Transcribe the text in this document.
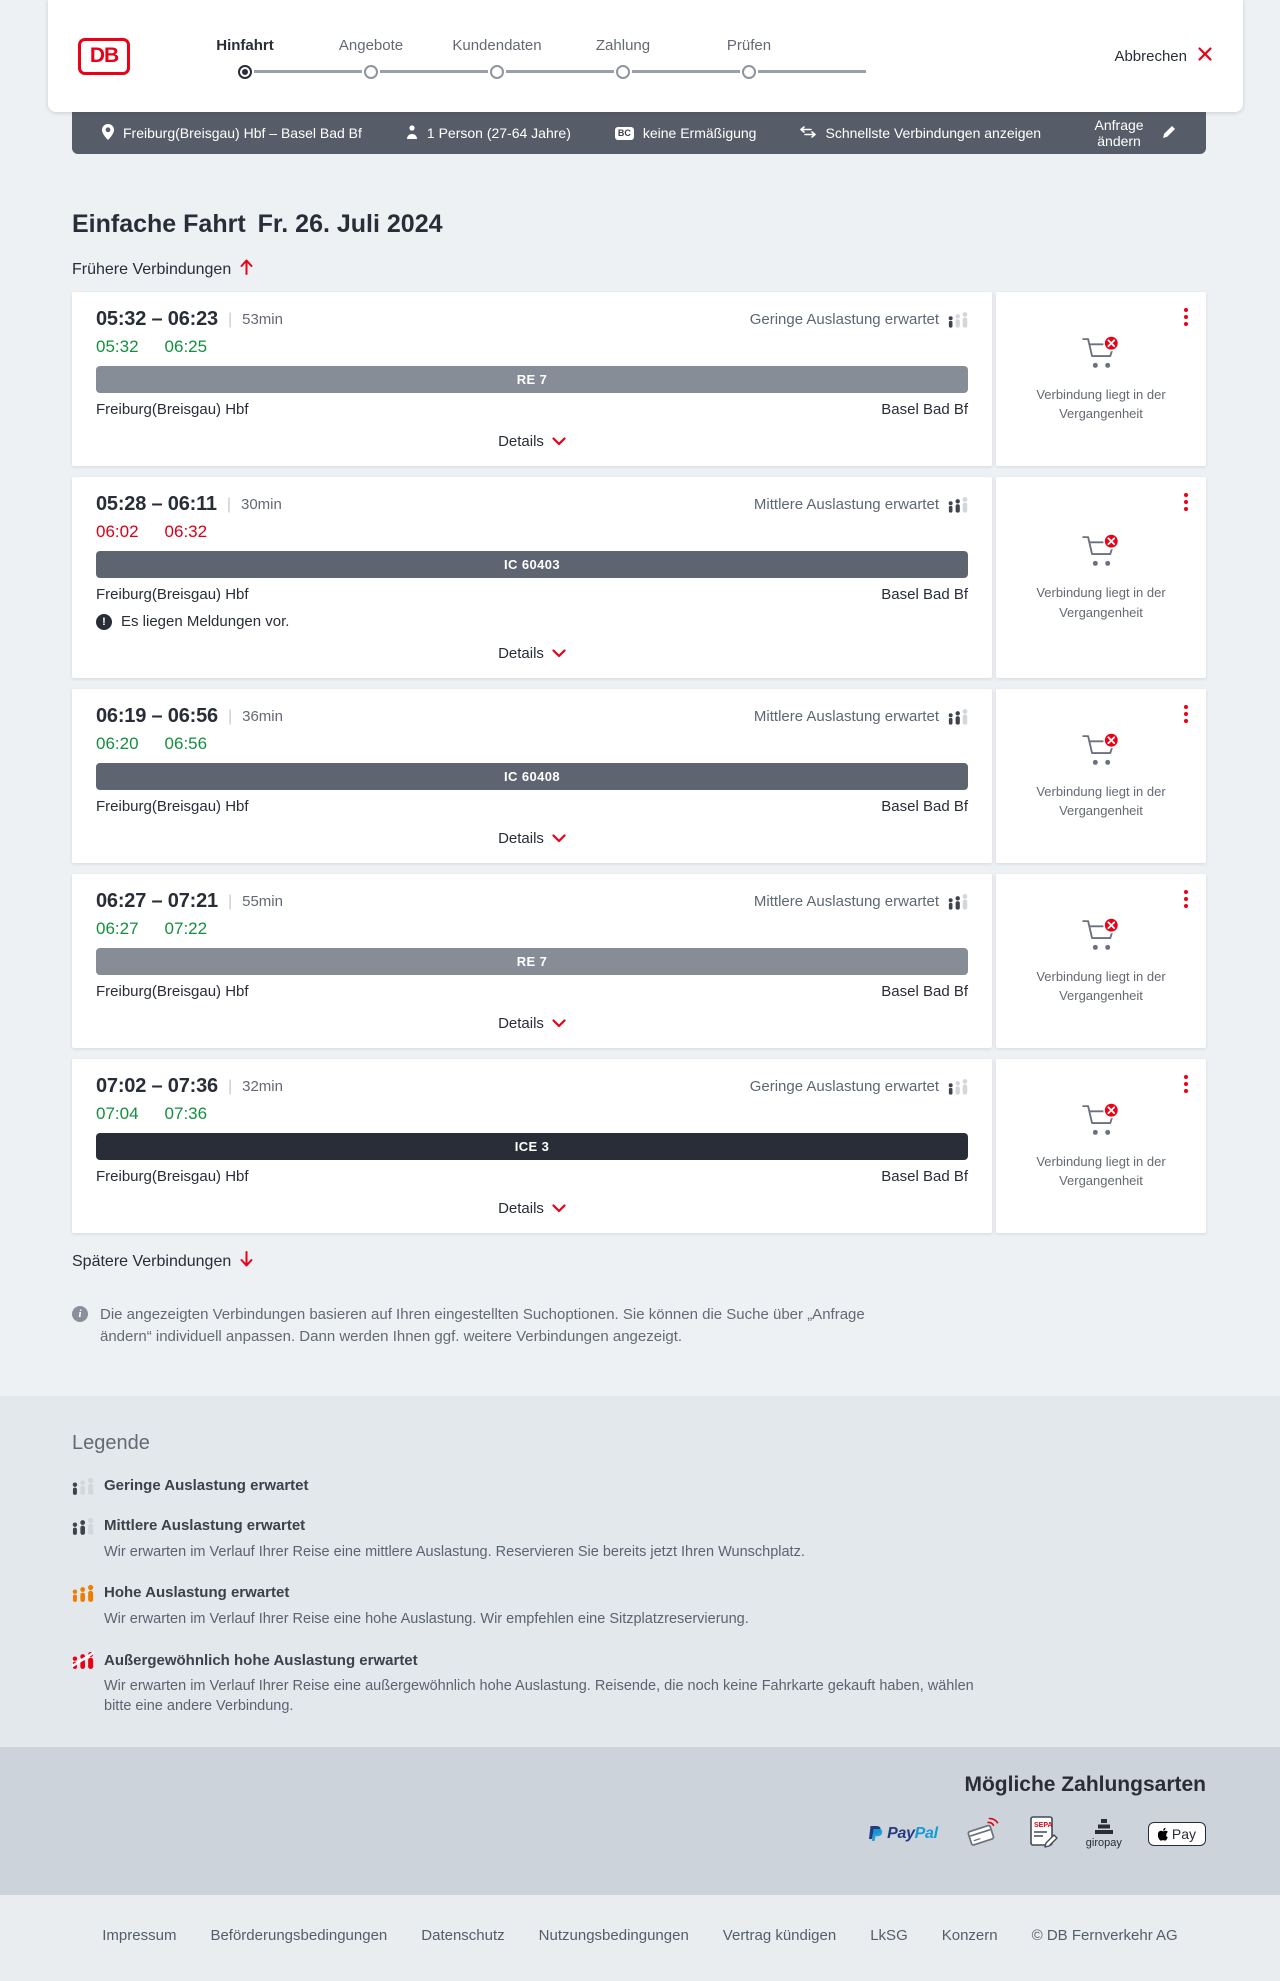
DB	Hinfahrt	Angebote	Kundendaten	Zahlung	Prüfen
Abbrechen
Freiburg(Breisgau) Hbf – Basel Bad Bf	1 Person (27-64 Jahre)	BC keine Ermäßigung	Schnellste Verbindungen anzeigen	Anfrage ändern
Einfache Fahrt Fr. 26. Juli 2024
Frühere Verbindungen
05:32 – 06:23 | 53min	Geringe Auslastung erwartet
05:32 06:25
RE 7
Freiburg(Breisgau) Hbf	Basel Bad Bf
Details
Verbindung liegt in der Vergangenheit
05:28 – 06:11 | 30min	Mittlere Auslastung erwartet
06:02 06:32
IC 60403
Freiburg(Breisgau) Hbf	Basel Bad Bf
!	Es liegen Meldungen vor.
Details
Verbindung liegt in der Vergangenheit
06:19 – 06:56 | 36min	Mittlere Auslastung erwartet
06:20 06:56
IC 60408
Freiburg(Breisgau) Hbf	Basel Bad Bf
Details
Verbindung liegt in der Vergangenheit
06:27 – 07:21 | 55min	Mittlere Auslastung erwartet
06:27 07:22
RE 7
Freiburg(Breisgau) Hbf	Basel Bad Bf
Details
Verbindung liegt in der Vergangenheit
07:02 – 07:36 | 32min	Geringe Auslastung erwartet
07:04 07:36
ICE 3
Freiburg(Breisgau) Hbf	Basel Bad Bf
Details
Verbindung liegt in der Vergangenheit
Spätere Verbindungen
i	Die angezeigten Verbindungen basieren auf Ihren eingestellten Suchoptionen. Sie können die Suche über „Anfrage ändern“ individuell anpassen. Dann werden Ihnen ggf. weitere Verbindungen angezeigt.

Legende
Geringe Auslastung erwartet
Mittlere Auslastung erwartet

Wir erwarten im Verlauf Ihrer Reise eine mittlere Auslastung. Reservieren Sie bereits jetzt Ihren Wunschplatz.

Hohe Auslastung erwartet

Wir erwarten im Verlauf Ihrer Reise eine hohe Auslastung. Wir empfehlen eine Sitzplatzreservierung.

Außergewöhnlich hohe Auslastung erwartet

Wir erwarten im Verlauf Ihrer Reise eine außergewöhnlich hohe Auslastung. Reisende, die noch keine Fahrkarte gekauft haben, wählen bitte eine andere Verbindung.

Mögliche Zahlungsarten
PayPal	SEPA
giropay
Pay
Impressum Beförderungsbedingungen Datenschutz Nutzungsbedingungen Vertrag kündigen LkSG Konzern © DB Fernverkehr AG
